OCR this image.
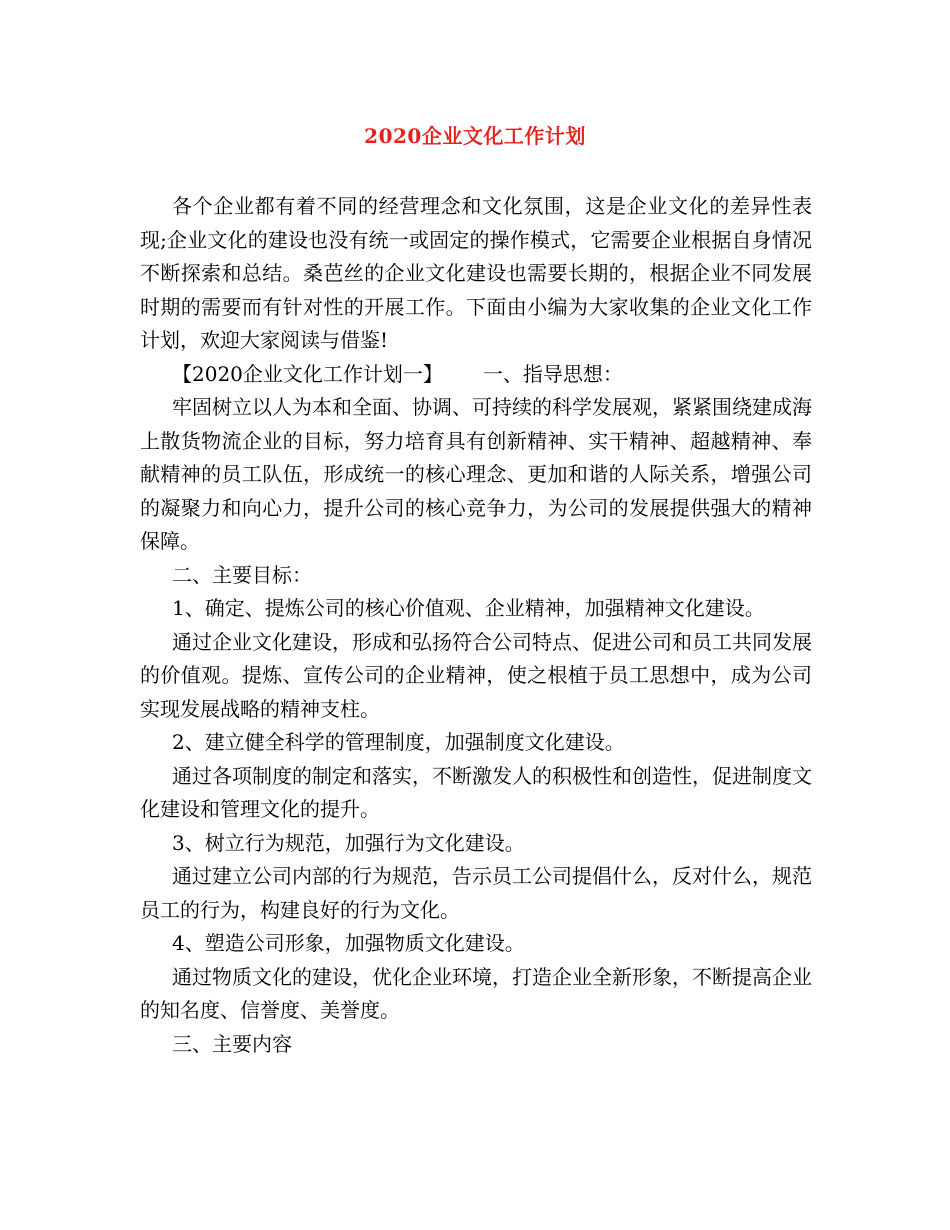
2020企业文化工作计划

各个企业都有着不同的经营理念和文化氛围，这是企业文化的差异性表现;企业文化的建设也没有统一或固定的操作模式，它需要企业根据自身情况不断探索和总结。桑芭丝的企业文化建设也需要长期的，根据企业不同发展时期的需要而有针对性的开展工作。下面由小编为大家收集的企业文化工作计划，欢迎大家阅读与借鉴!

【2020企业文化工作计划一】 一、指导思想：

牢固树立以人为本和全面、协调、可持续的科学发展观，紧紧围绕建成海上散货物流企业的目标，努力培育具有创新精神、实干精神、超越精神、奉献精神的员工队伍，形成统一的核心理念、更加和谐的人际关系，增强公司的凝聚力和向心力，提升公司的核心竞争力，为公司的发展提供强大的精神保障。

二、主要目标：

1、确定、提炼公司的核心价值观、企业精神，加强精神文化建设。

通过企业文化建设，形成和弘扬符合公司特点、促进公司和员工共同发展的价值观。提炼、宣传公司的企业精神，使之根植于员工思想中，成为公司实现发展战略的精神支柱。

2、建立健全科学的管理制度，加强制度文化建设。

通过各项制度的制定和落实，不断激发人的积极性和创造性，促进制度文化建设和管理文化的提升。

3、树立行为规范，加强行为文化建设。

通过建立公司内部的行为规范，告示员工公司提倡什么，反对什么，规范员工的行为，构建良好的行为文化。

4、塑造公司形象，加强物质文化建设。

通过物质文化的建设，优化企业环境，打造企业全新形象，不断提高企业的知名度、信誉度、美誉度。

三、主要内容
